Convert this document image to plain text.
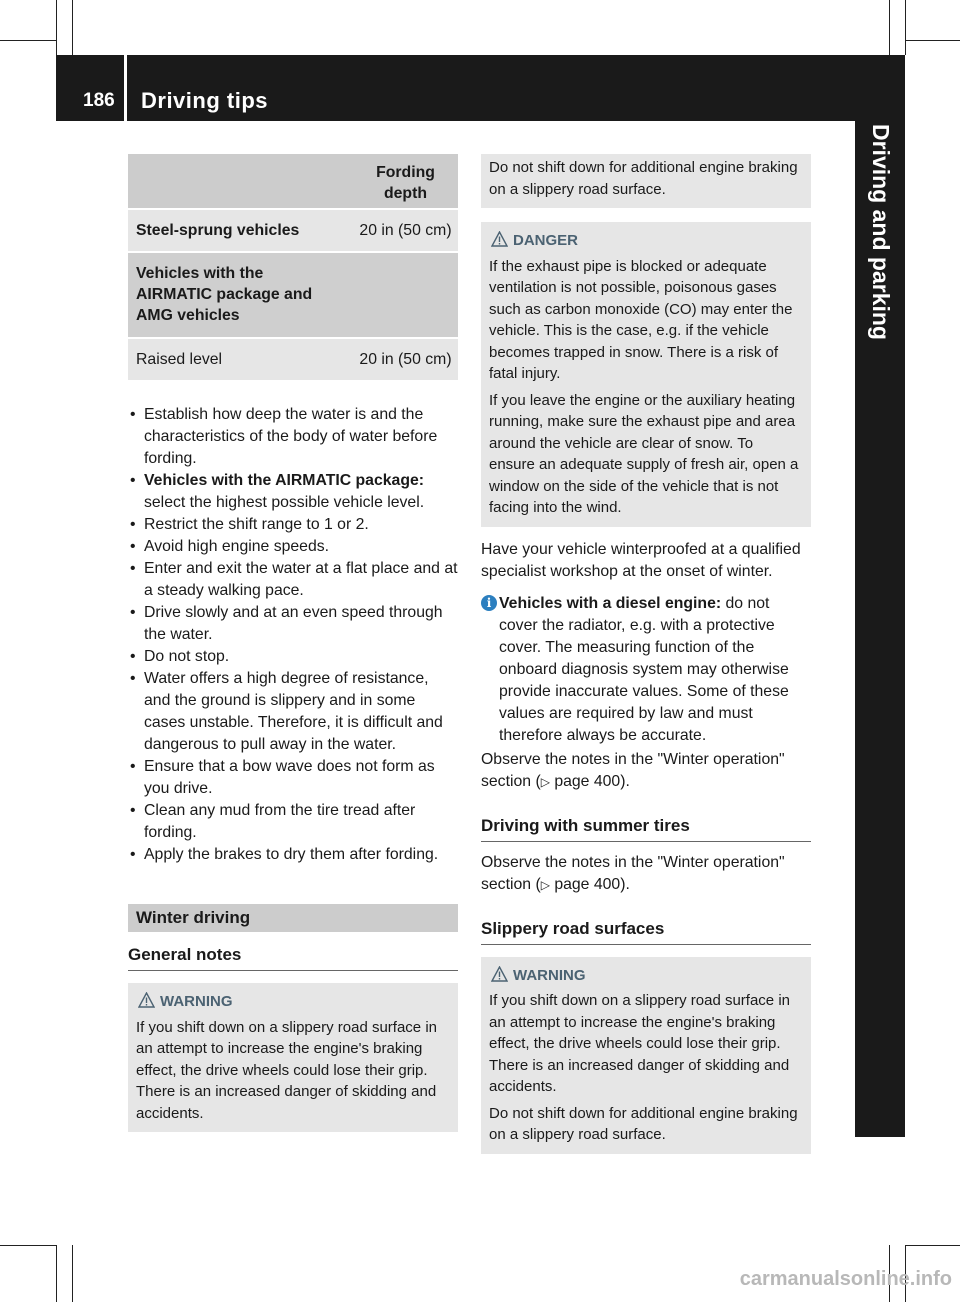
186 Driving tips
Driving and parking
	Fording depth

Steel-sprung vehicles	20 in (50 cm)

Vehicles with the AIRMATIC package and AMG vehicles	

Raised level	20 in (50 cm)
• Establish how deep the water is and the characteristics of the body of water before fording.
• Vehicles with the AIRMATIC package: select the highest possible vehicle level.
• Restrict the shift range to 1 or 2.
• Avoid high engine speeds.
• Enter and exit the water at a flat place and at a steady walking pace.
• Drive slowly and at an even speed through the water.
• Do not stop.
• Water offers a high degree of resistance, and the ground is slippery and in some cases unstable. Therefore, it is difficult and dangerous to pull away in the water.
• Ensure that a bow wave does not form as you drive.
• Clean any mud from the tire tread after fording.
• Apply the brakes to dry them after fording.
Winter driving
General notes
WARNING
If you shift down on a slippery road surface in an attempt to increase the engine's braking effect, the drive wheels could lose their grip. There is an increased danger of skidding and accidents.
Do not shift down for additional engine braking on a slippery road surface.
DANGER
If the exhaust pipe is blocked or adequate ventilation is not possible, poisonous gases such as carbon monoxide (CO) may enter the vehicle. This is the case, e.g. if the vehicle becomes trapped in snow. There is a risk of fatal injury.
If you leave the engine or the auxiliary heating running, make sure the exhaust pipe and area around the vehicle are clear of snow. To ensure an adequate supply of fresh air, open a window on the side of the vehicle that is not facing into the wind.
Have your vehicle winterproofed at a qualified specialist workshop at the onset of winter.
i Vehicles with a diesel engine: do not cover the radiator, e.g. with a protective cover. The measuring function of the onboard diagnosis system may otherwise provide inaccurate values. Some of these values are required by law and must therefore always be accurate.
Observe the notes in the "Winter operation" section (▷ page 400).
Driving with summer tires
Observe the notes in the "Winter operation" section (▷ page 400).
Slippery road surfaces
WARNING
If you shift down on a slippery road surface in an attempt to increase the engine's braking effect, the drive wheels could lose their grip. There is an increased danger of skidding and accidents.
Do not shift down for additional engine braking on a slippery road surface.
carmanualsonline.info
